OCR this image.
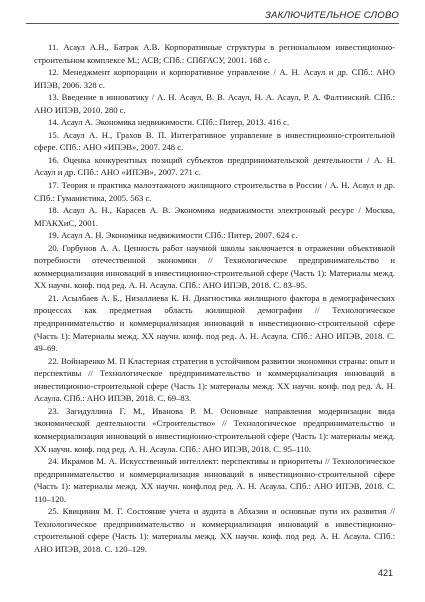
ЗАКЛЮЧИТЕЛЬНОЕ СЛОВО

11. Асаул А.Н., Батрак А.В. Корпоративные структуры в региональном инвестиционно-строительном комплексе М.; АСВ; СПб.: СПбГАСУ, 2001. 168 с.

12. Менеджмент корпорации и корпоративное управление / А. Н. Асаул и др. СПб.: АНО ИПЭВ, 2006. 328 с.

13. Введение в инноватику / А. Н. Асаул, В. В. Асаул, Н. А. Асаул, Р. А. Фалтинский. СПб.: АНО ИПЭВ, 2010. 280 с.

14. Асаул А. Экономика недвижимости. СПб.: Питер, 2013. 416 с.

15. Асаул А. Н., Грахов В. П. Интегративное управление в инвестиционно-строительной сфере. СПб.: АНО «ИПЭВ», 2007. 248 с.

16. Оценка конкурентных позиций субъектов предпринимательской деятельности / А. Н. Асаул и др. СПб.: АНО «ИПЭВ», 2007. 271 с.

17. Теория и практика малоэтажного жилищного строительства в России / А. Н. Асаул и др. СПб.: Гуманистика, 2005. 563 с.

18. Асаул А. Н., Карасев А. В. Экономика недвижимости электронный ресурс / Москва, МГАКХиС, 2001.

19. Асаул А. Н. Экономика недвижимости СПб.: Питер, 2007. 624 с.

20. Горбунов А. А. Ценность работ научной школы заключается в отражении объективной потребности отечественной экономики // Технологическое предпринимательство и коммерциализация инноваций в инвестиционно-строительной сфере (Часть 1): Материалы межд. XX научн. конф. под ред. А. Н. Асаула. СПб.: АНО ИПЭВ, 2018. С. 83–95.

21. Асылбаев А. Б., Низаллиева К. Н. Диагностика жилищного фактора в демографических процессах как предметная область жилищной демографии // Технологическое предпринимательство и коммерциализация инноваций в инвестиционно-строительной сфере (Часть 1): Материалы межд. XX научн. конф. под ред. А. Н. Асаула. СПб.: АНО ИПЭВ, 2018. С. 49–69.

22. Войнаренко М. П Кластерная стратегия в устойчивом развитии экономики страны: опыт и перспективы // Технологическое предпринимательство и коммерциализация инноваций в инвестиционно-строительной сфере (Часть 1): материалы межд. XX научн. конф. под ред. А. Н. Асаула. СПб.: АНО ИПЭВ, 2018. С. 69–83.

23. Загидуллина Г. М., Иванова Р. М. Основные направления модернизации вида экономической деятельности «Строительство» // Технологическое предпринимательство и коммерциализация инноваций в инвестиционно-строительной сфере (Часть 1): материалы межд. XX научн. конф. под ред. А. Н. Асаула. СПб.: АНО ИПЭВ, 2018. С. 95–110.

24. Икрамов М. А. Искусственный интеллект: перспективы и приоритеты // Технологическое предпринимательство и коммерциализация инноваций в инвестиционно-строительной сфере (Часть 1): материалы межд. XX научн. конф.под ред. А. Н. Асаула. СПб.: АНО ИПЭВ, 2018. С. 110–120.

25. Квициния М. Г. Состояние учета и аудита в Абхазии и основные пути их развития // Технологическое предпринимательство и коммерциализация инноваций в инвестиционно-строительной сфере (Часть 1): материалы межд. XX научн. конф. под ред. А. Н. Асаула. СПб.: АНО ИПЭВ, 2018. С. 120–129.

421
